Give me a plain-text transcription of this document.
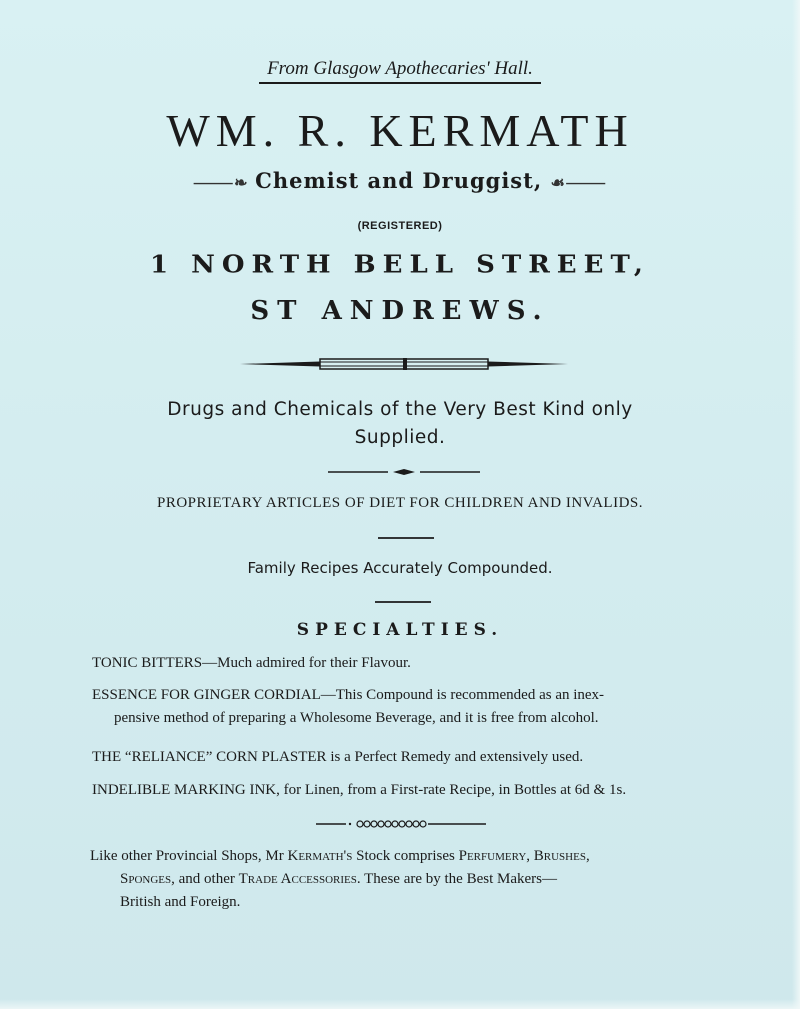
From Glasgow Apothecaries' Hall.
WM. R. KERMATH
⸻❧ Chemist and Druggist, ☙⸻
(REGISTERED)
1 NORTH BELL STREET,
ST ANDREWS.
Drugs and Chemicals of the Very Best Kind only
Supplied.
PROPRIETARY ARTICLES OF DIET FOR CHILDREN AND INVALIDS.
Family Recipes Accurately Compounded.
SPECIALTIES.
TONIC BITTERS—Much admired for their Flavour.
ESSENCE FOR GINGER CORDIAL—This Compound is recommended as an inex-
pensive method of preparing a Wholesome Beverage, and it is free from alcohol.
THE “RELIANCE” CORN PLASTER is a Perfect Remedy and extensively used.
INDELIBLE MARKING INK, for Linen, from a First-rate Recipe, in Bottles at 6d & 1s.
Like other Provincial Shops, Mr Kermath's Stock comprises Perfumery, Brushes,
Sponges, and other Trade Accessories. These are by the Best Makers—
British and Foreign.
